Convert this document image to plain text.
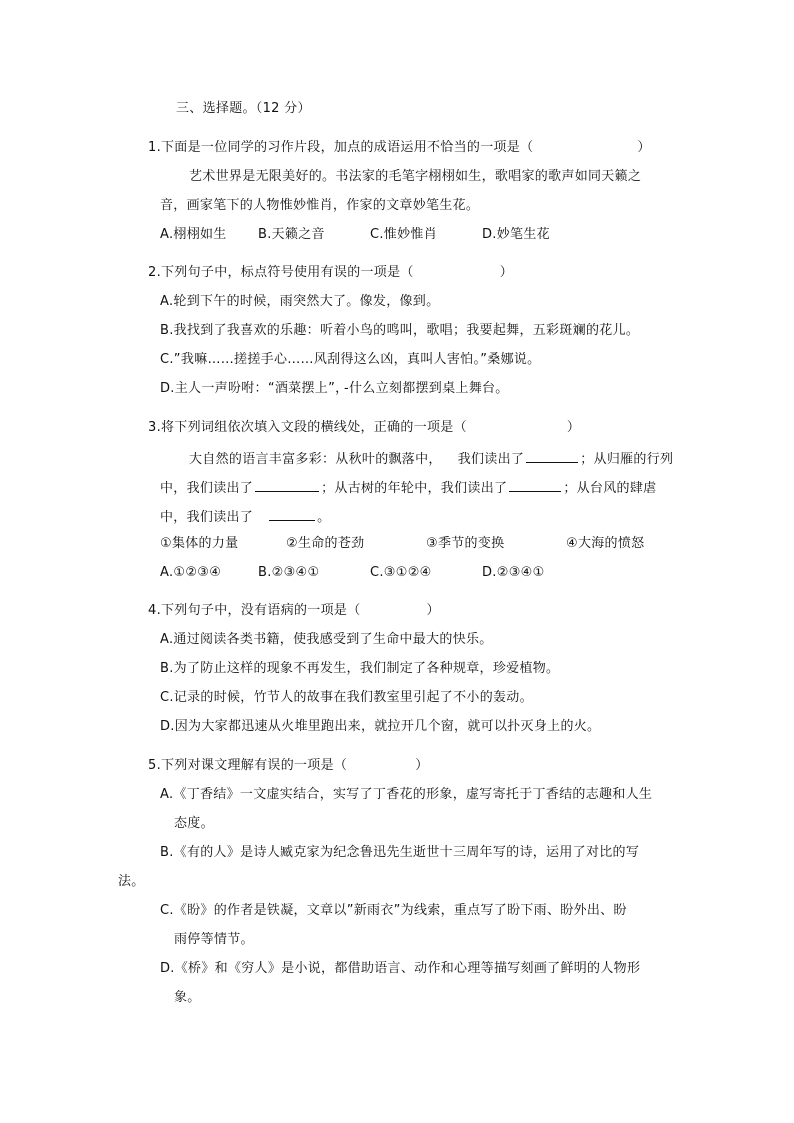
三、选择题。（12 分）
1.下面是一位同学的习作片段，加点的成语运用不恰当的一项是（	）
艺术世界是无限美好的。书法家的毛笔字栩栩如生，歌唱家的歌声如同天籁之
音，画家笔下的人物惟妙惟肖，作家的文章妙笔生花。
A.栩栩如生 B.天籁之音	C.惟妙惟肖	D.妙笔生花
2.下列句子中，标点符号使用有误的一项是（	）
A.轮到下午的时候，雨突然大了。像发，像到。
B.我找到了我喜欢的乐趣：听着小鸟的鸣叫，歌唱；我要起舞，五彩斑斓的花儿。
C.”我嘛……搓搓手心……风刮得这么凶，真叫人害怕。”桑娜说。
D.主人一声吩咐：“酒菜摆上”，
-什么立刻都摆到桌上舞台。
3.将下列词组依次填入文段的横线处，正确的一项是（	）
大自然的语言丰富多彩：从秋叶的飘落中， 我们读出了	；从归雁的行列
中，我们读出了	；从古树的年轮中，我们读出了	；从台风的肆虐
中，我们读出了	。
①集体的力量	②生命的苍劲	③季节的变换	④大海的愤怒
A.①②③④	B.②③④①	C.③①②④	D.②③④①
4.下列句子中，没有语病的一项是（	）
A.通过阅读各类书籍，使我感受到了生命中最大的快乐。
B.为了防止这样的现象不再发生，我们制定了各种规章，珍爱植物。
C.记录的时候，竹节人的故事在我们教室里引起了不小的轰动。
D.因为大家都迅速从火堆里跑出来，就拉开几个窗，就可以扑灭身上的火。
5.下列对课文理解有误的一项是（	）
A.《丁香结》一文虚实结合，实写了丁香花的形象，虚写寄托于丁香结的志趣和人生
态度。
B.《有的人》是诗人臧克家为纪念鲁迅先生逝世十三周年写的诗，运用了对比的写
法。
C.《盼》的作者是铁凝，文章以”新雨衣”为线索，重点写了盼下雨、盼外出、盼
雨停等情节。
D.《桥》和《穷人》是小说，都借助语言、动作和心理等描写刻画了鲜明的人物形
象。
